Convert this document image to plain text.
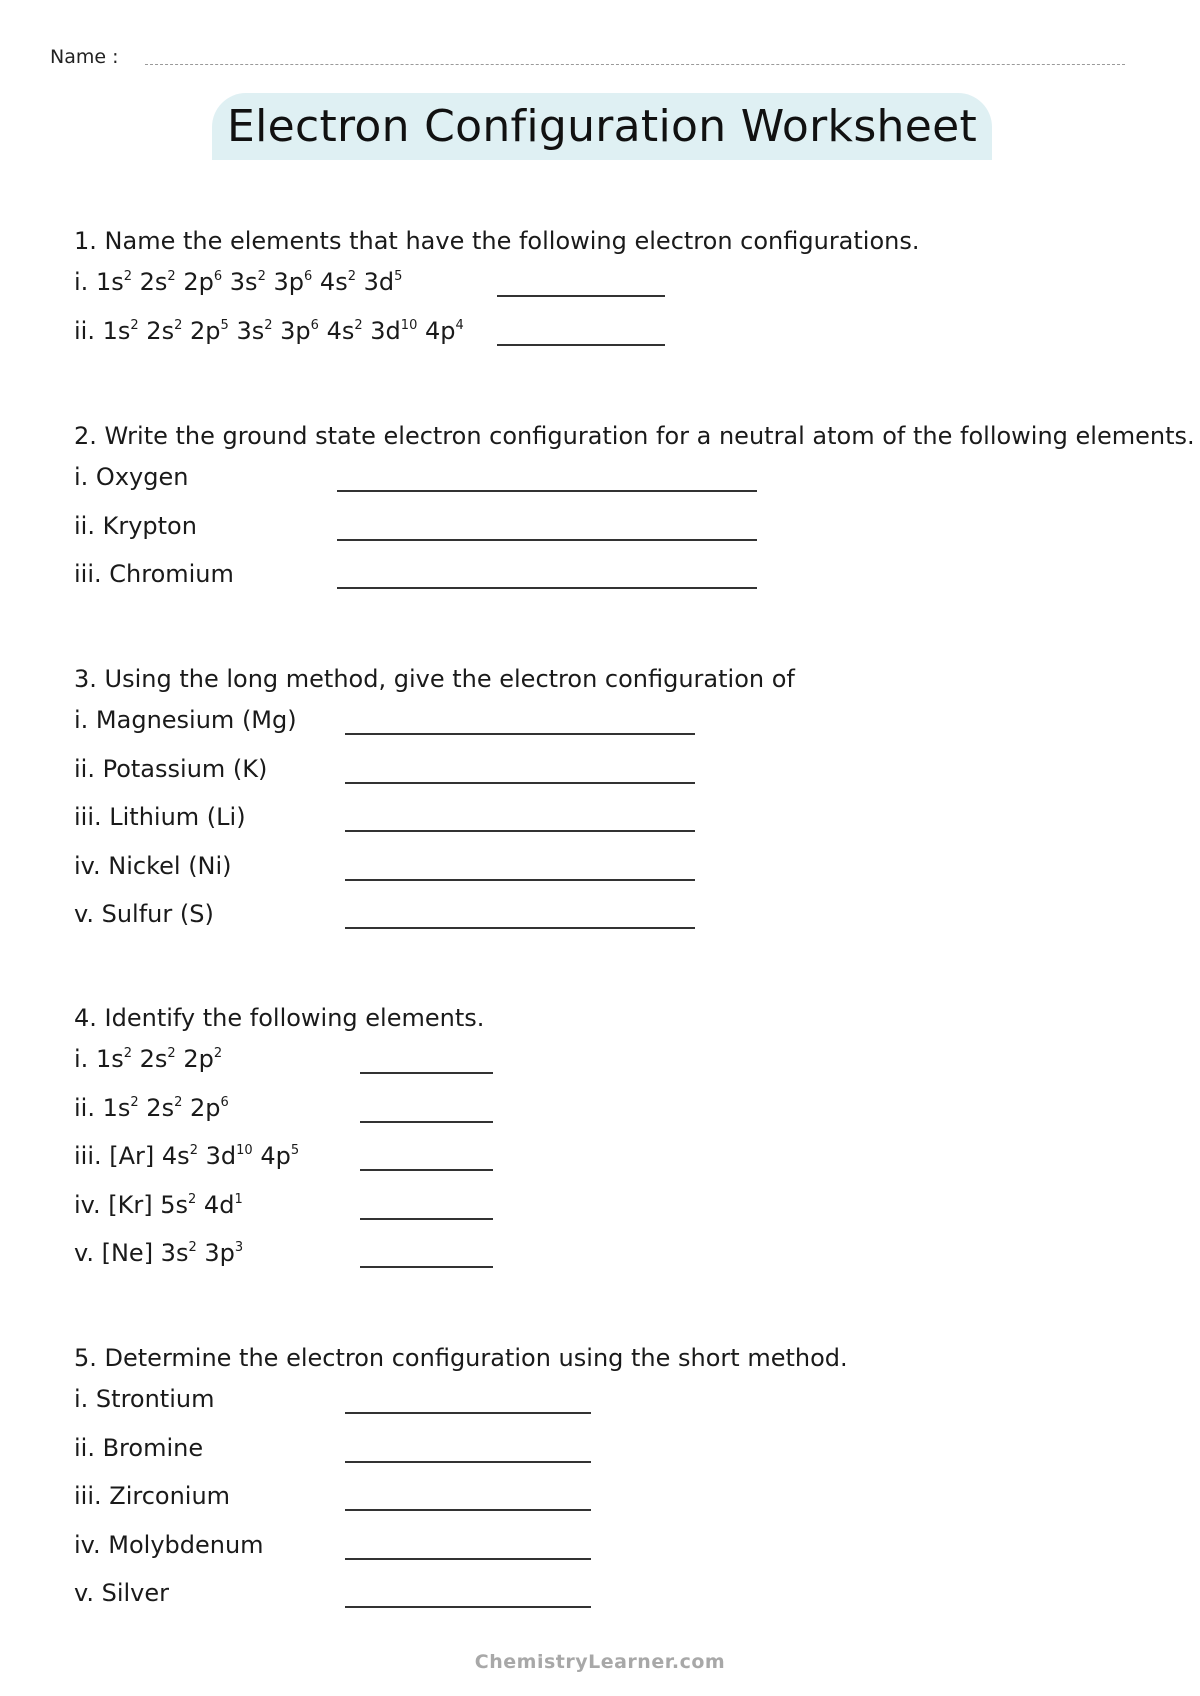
Name :
Electron Configuration Worksheet

1. Name the elements that have the following electron configurations.

i. $1s^2$ $2s^2$ $2p^6$ $3s^2$ $3p^6$ $4s^2$ $3d^5$
ii. $1s^2$ $2s^2$ $2p^5$ $3s^2$ $3p^6$ $4s^2$ $3d^{10}$ $4p^4$

2. Write the ground state electron configuration for a neutral atom of the following elements.

i. Oxygen
ii. Krypton
iii. Chromium

3. Using the long method, give the electron configuration of

i. Magnesium (Mg)
ii. Potassium (K)
iii. Lithium (Li)
iv. Nickel (Ni)
v. Sulfur (S)

4. Identify the following elements.

i. $1s^2$ $2s^2$ $2p^2$
ii. $1s^2$ $2s^2$ $2p^6$
iii. [Ar] $4s^2$ $3d^{10}$ $4p^5$
iv. [Kr] $5s^2$ $4d^1$
v. [Ne] $3s^2$ $3p^3$

5. Determine the electron configuration using the short method.

i. Strontium
ii. Bromine
iii. Zirconium
iv. Molybdenum
v. Silver
ChemistryLearner.com
